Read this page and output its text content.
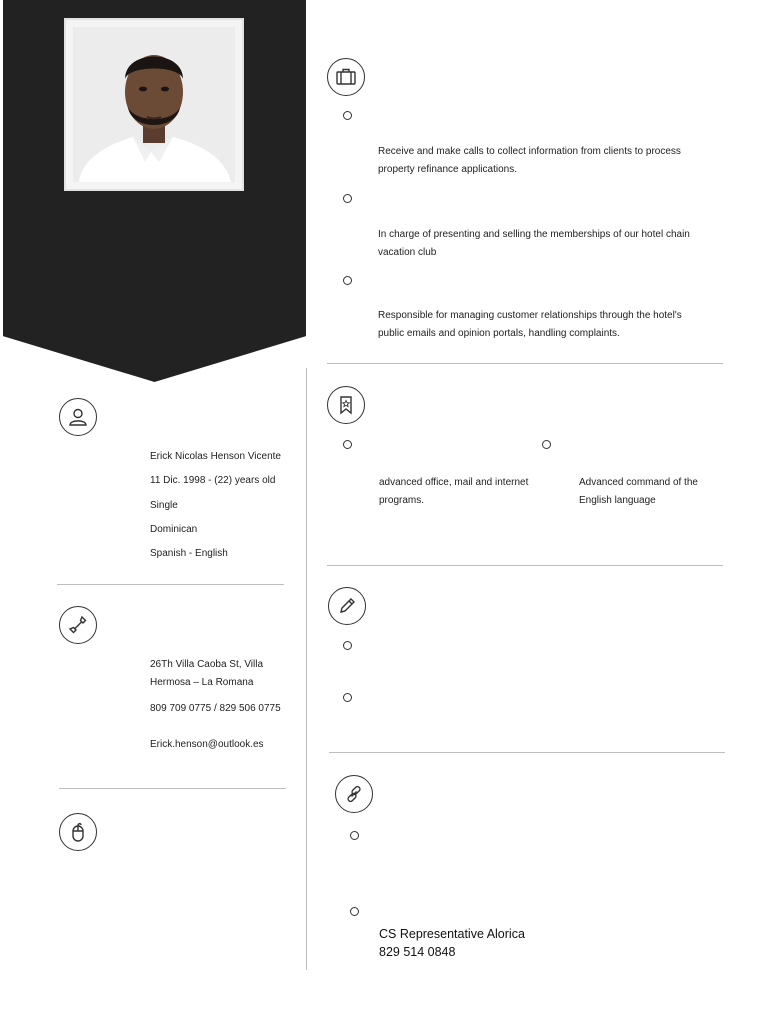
Receive and make calls to collect information from clients to process property refinance applications.
In charge of presenting and selling the memberships of our hotel chain vacation club
Responsible for managing customer relationships through the hotel's public emails and opinion portals, handling complaints.
Erick Nicolas Henson Vicente
11 Dic. 1998 - (22) years old
Single
Dominican
Spanish - English
26Th Villa Caoba St, Villa
Hermosa – La Romana
809 709 0775 / 829 506 0775
Erick.henson@outlook.es
advanced office, mail and internet programs.
Advanced command of the English language
CS Representative Alorica
829 514 0848
